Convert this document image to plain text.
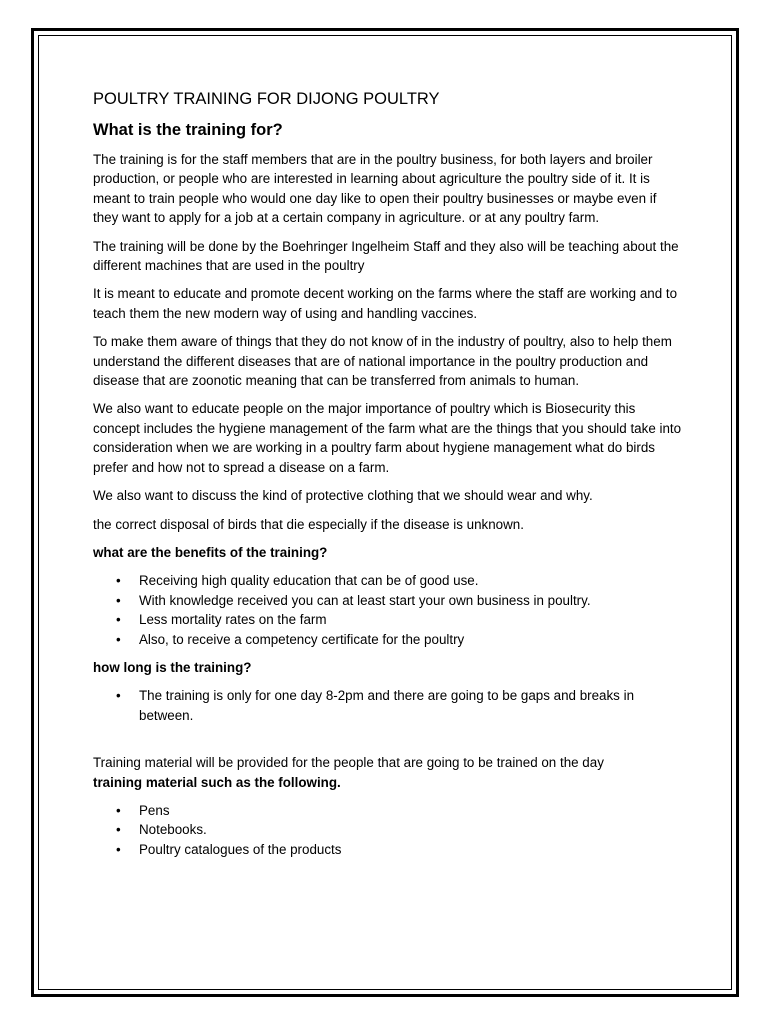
POULTRY TRAINING FOR DIJONG POULTRY
What is the training for?

The training is for the staff members that are in the poultry business, for both layers and broiler production, or people who are interested in learning about agriculture the poultry side of it. It is meant to train people who would one day like to open their poultry businesses or maybe even if they want to apply for a job at a certain company in agriculture. or at any poultry farm.

The training will be done by the Boehringer Ingelheim Staff and they also will be teaching about the different machines that are used in the poultry

It is meant to educate and promote decent working on the farms where the staff are working and to teach them the new modern way of using and handling vaccines.

To make them aware of things that they do not know of in the industry of poultry, also to help them understand the different diseases that are of national importance in the poultry production and disease that are zoonotic meaning that can be transferred from animals to human.

We also want to educate people on the major importance of poultry which is Biosecurity this concept includes the hygiene management of the farm what are the things that you should take into consideration when we are working in a poultry farm about hygiene management what do birds prefer and how not to spread a disease on a farm.

We also want to discuss the kind of protective clothing that we should wear and why.

the correct disposal of birds that die especially if the disease is unknown.

what are the benefits of the training?

• Receiving high quality education that can be of good use.
• With knowledge received you can at least start your own business in poultry.
• Less mortality rates on the farm
• Also, to receive a competency certificate for the poultry

how long is the training?

• The training is only for one day 8-2pm and there are going to be gaps and breaks in between.

Training material will be provided for the people that are going to be trained on the day

training material such as the following.

• Pens
• Notebooks.
• Poultry catalogues of the products
